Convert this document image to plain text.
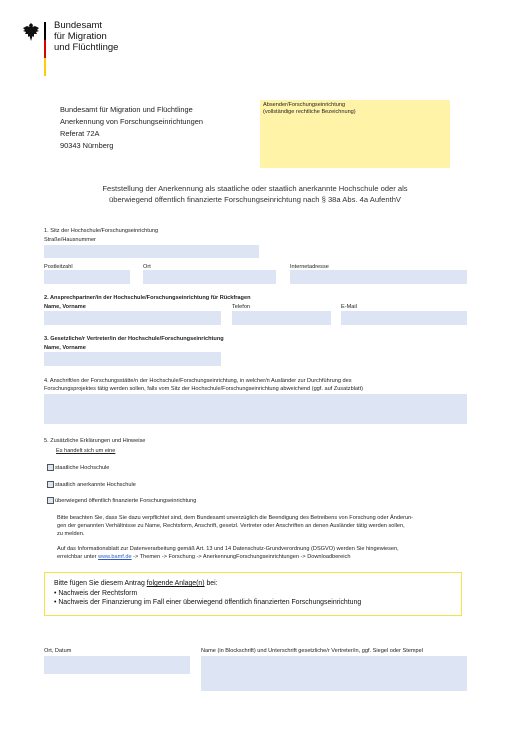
Bundesamt
für Migration
und Flüchtlinge
Bundesamt für Migration und Flüchtlinge
Anerkennung von Forschungseinrichtungen
Referat 72A
90343 Nürnberg
Absender/Forschungseinrichtung
(vollständige rechtliche Bezeichnung)
Feststellung der Anerkennung als staatliche oder staatlich anerkannte Hochschule oder als
überwiegend öffentlich finanzierte Forschungseinrichtung nach § 38a Abs. 4a AufenthV
1. Sitz der Hochschule/Forschungseinrichtung
Straße/Hausnummer
Postleitzahl	Ort	Internetadresse
2. Ansprechpartner/in der Hochschule/Forschungseinrichtung für Rückfragen
Name, Vorname	Telefon	E-Mail
3. Gesetzliche/r Vertreter/in der Hochschule/Forschungseinrichtung
Name, Vorname
4. Anschrift/en der Forschungsstätte/n der Hochschule/Forschungseinrichtung, in welcher/n Ausländer zur Durchführung des
Forschungsprojektes tätig werden sollen, falls vom Sitz der Hochschule/Forschungseinrichtung abweichend (ggf. auf Zusatzblatt)
5. Zusätzliche Erklärungen und Hinweise
Es handelt sich um eine
staatliche Hochschule
staatlich anerkannte Hochschule
überwiegend öffentlich finanzierte Forschungseinrichtung
Bitte beachten Sie, dass Sie dazu verpflichtet sind, dem Bundesamt unverzüglich die Beendigung des Betreibens von Forschung oder Änderun-
gen der genannten Verhältnisse zu Name, Rechtsform, Anschrift, gesetzl. Vertreter oder Anschriften an denen Ausländer tätig werden sollen,
zu melden.
Auf das Informationsblatt zur Datenverarbeitung gemäß Art. 13 und 14 Datenschutz-Grundverordnung (DSGVO) werden Sie hingewiesen,
erreichbar unter www.bamf.de -> Themen -> Forschung -> AnerkennungForschungseinrichtungen -> Downloadbereich
Bitte fügen Sie diesem Antrag folgende Anlage(n) bei:
• Nachweis der Rechtsform
• Nachweis der Finanzierung im Fall einer überwiegend öffentlich finanzierten Forschungseinrichtung
Ort, Datum	Name (in Blockschrift) und Unterschrift gesetzliche/r Vertreter/in, ggf. Siegel oder Stempel
